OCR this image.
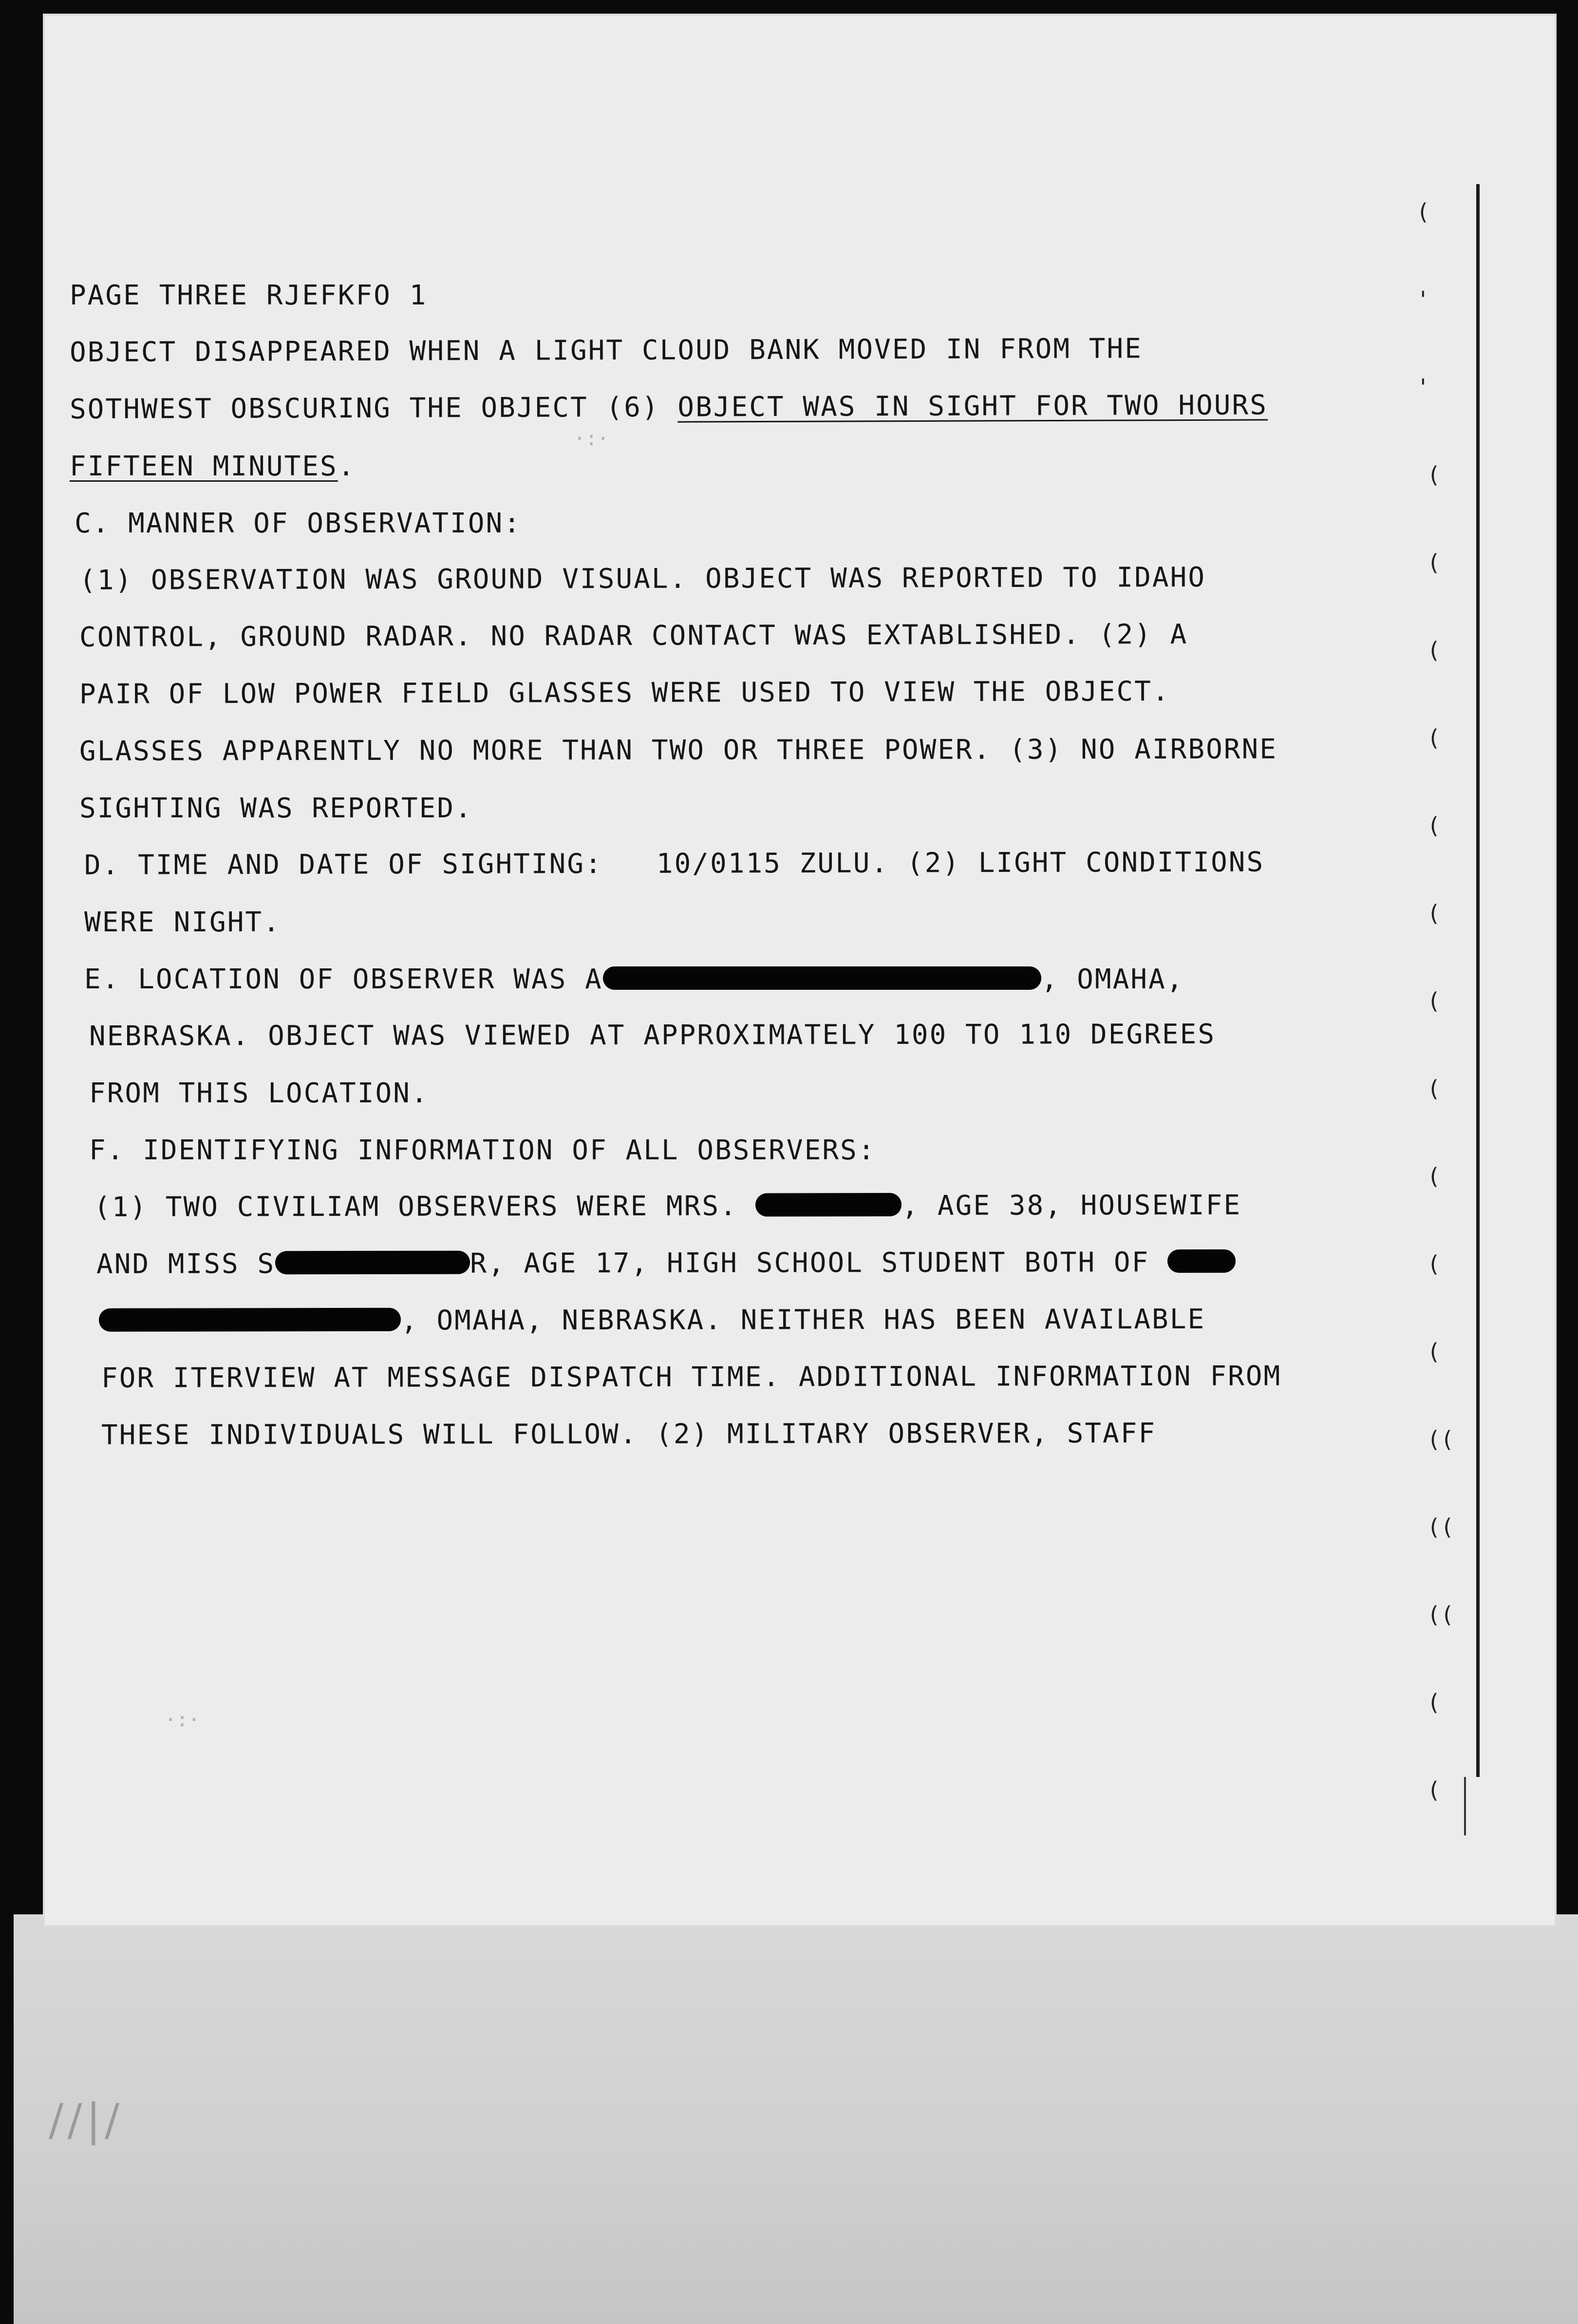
//|/
(
'
'
(
(
(
(
(
(
(
(
(
(
(
((
((
((
(
(
·:·
·:·
PAGE THREE RJEFKFO 1
OBJECT DISAPPEARED WHEN A LIGHT CLOUD BANK MOVED IN FROM THE
SOTHWEST OBSCURING THE OBJECT (6) OBJECT WAS IN SIGHT FOR TWO HOURS
FIFTEEN MINUTES.
C. MANNER OF OBSERVATION:
(1) OBSERVATION WAS GROUND VISUAL. OBJECT WAS REPORTED TO IDAHO
CONTROL, GROUND RADAR. NO RADAR CONTACT WAS EXTABLISHED. (2) A
PAIR OF LOW POWER FIELD GLASSES WERE USED TO VIEW THE OBJECT.
GLASSES APPARENTLY NO MORE THAN TWO OR THREE POWER. (3) NO AIRBORNE
SIGHTING WAS REPORTED.
D. TIME AND DATE OF SIGHTING:   10/0115 ZULU. (2) LIGHT CONDITIONS
WERE NIGHT.
E. LOCATION OF OBSERVER WAS A	, OMAHA,
NEBRASKA. OBJECT WAS VIEWED AT APPROXIMATELY 100 TO 110 DEGREES
FROM THIS LOCATION.
F. IDENTIFYING INFORMATION OF ALL OBSERVERS:
(1) TWO CIVILIAM OBSERVERS WERE MRS.	, AGE 38, HOUSEWIFE
AND MISS S	R, AGE 17, HIGH SCHOOL STUDENT BOTH OF
, OMAHA, NEBRASKA. NEITHER HAS BEEN AVAILABLE
FOR ITERVIEW AT MESSAGE DISPATCH TIME. ADDITIONAL INFORMATION FROM
THESE INDIVIDUALS WILL FOLLOW. (2) MILITARY OBSERVER, STAFF
